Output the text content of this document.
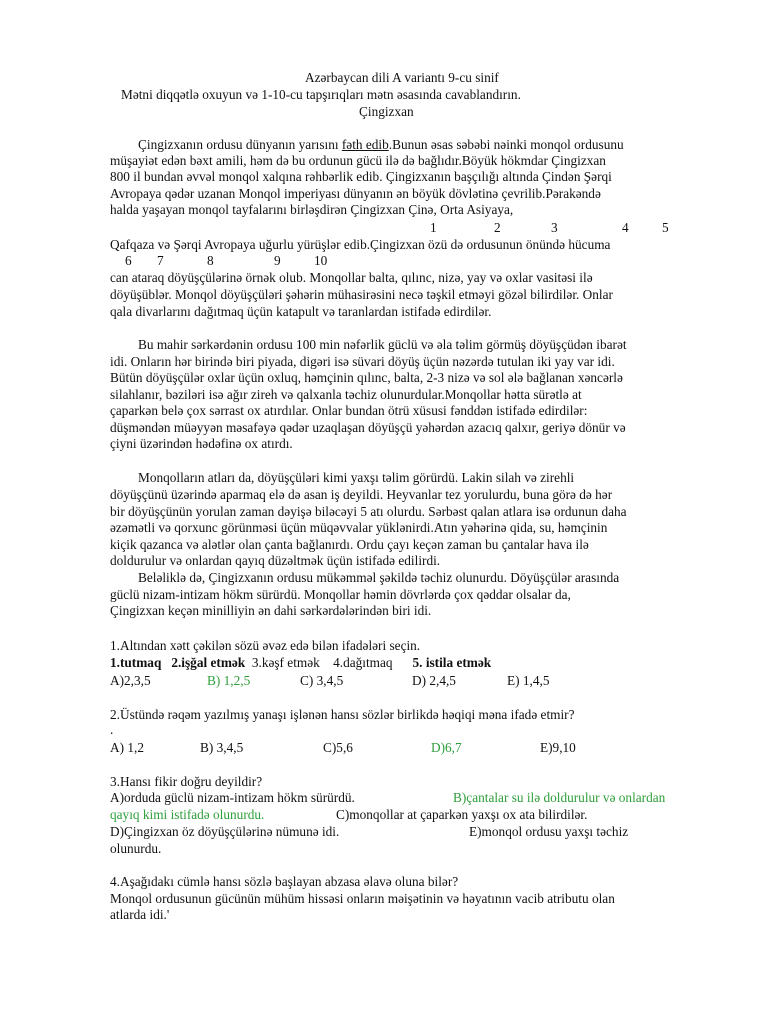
Azərbaycan dili A variantı 9-cu sinif
Mətni diqqətlə oxuyun və 1-10-cu tapşırıqları mətn əsasında cavablandırın.
Çingizxan
Çingizxanın ordusu dünyanın yarısını fəth edib.Bunun əsas səbəbi nəinki monqol ordusunu
müşayiət edən bəxt amili, həm də bu ordunun gücü ilə də bağlıdır.Böyük hökmdar Çingizxan
800 il bundan əvvəl monqol xalqına rəhbərlik edib. Çingizxanın başçılığı altında Çindən Şərqi
Avropaya qədər uzanan Monqol imperiyası dünyanın ən böyük dövlətinə çevrilib.Pərakəndə
halda yaşayan monqol tayfalarını birləşdirən Çingizxan Çinə, Orta Asiyaya,
1	2	3	4	5
Qafqaza və Şərqi Avropaya uğurlu yürüşlər edib.Çingizxan özü də ordusunun önündə hücuma
6 7	8	9	10
can ataraq döyüşçülərinə örnək olub. Monqollar balta, qılınc, nizə, yay və oxlar vasitəsi ilə
döyüşüblər. Monqol döyüşçüləri şəhərin mühasirəsini necə təşkil etməyi gözəl bilirdilər. Onlar
qala divarlarını dağıtmaq üçün katapult və taranlardan istifadə edirdilər.
Bu mahir sərkərdənin ordusu 100 min nəfərlik güclü və əla təlim görmüş döyüşçüdən ibarət
idi. Onların hər birində biri piyada, digəri isə süvari döyüş üçün nəzərdə tutulan iki yay var idi.
Bütün döyüşçülər oxlar üçün oxluq, həmçinin qılınc, balta, 2-3 nizə və sol ələ bağlanan xəncərlə
silahlanır, bəziləri isə ağır zireh və qalxanla təchiz olunurdular.Monqollar hətta sürətlə at
çaparkən belə çox sərrast ox atırdılar. Onlar bundan ötrü xüsusi fənddən istifadə edirdilər:
düşməndən müəyyən məsafəyə qədər uzaqlaşan döyüşçü yəhərdən azacıq qalxır, geriyə dönür və
çiyni üzərindən hədəfinə ox atırdı.
Monqolların atları da, döyüşçüləri kimi yaxşı təlim görürdü. Lakin silah və zirehli
döyüşçünü üzərində aparmaq elə də asan iş deyildi. Heyvanlar tez yorulurdu, buna görə də hər
bir döyüşçünün yorulan zaman dəyişə biləcəyi 5 atı olurdu. Sərbəst qalan atlara isə ordunun daha
əzəmətli və qorxunc görünməsi üçün müqəvvalar yüklənirdi.Atın yəhərinə qida, su, həmçinin
kiçik qazanca və alətlər olan çanta bağlanırdı. Ordu çayı keçən zaman bu çantalar hava ilə
doldurulur və onlardan qayıq düzəltmək üçün istifadə edilirdi.
Beləliklə də, Çingizxanın ordusu mükəmməl şəkildə təchiz olunurdu. Döyüşçülər arasında
güclü nizam-intizam hökm sürürdü. Monqollar həmin dövrlərdə çox qəddar olsalar da,
Çingizxan keçən minilliyin ən dahi sərkərdələrindən biri idi.
1.Altından xətt çəkilən sözü əvəz edə bilən ifadələri seçin.
1.tutmaq 2.işğal etmək 3.kəşf etmək 4.dağıtmaq 5. istila etmək
A)2,3,5	B) 1,2,5	C) 3,4,5	D) 2,4,5	E) 1,4,5
2.Üstündə rəqəm yazılmış yanaşı işlənən hansı sözlər birlikdə həqiqi məna ifadə etmir?
.
A) 1,2	B) 3,4,5	C)5,6	D)6,7	E)9,10
3.Hansı fikir doğru deyildir?
A)orduda güclü nizam-intizam hökm sürürdü.	B)çantalar su ilə doldurulur və onlardan
qayıq kimi istifadə olunurdu.	C)monqollar at çaparkən yaxşı ox ata bilirdilər.
D)Çingizxan öz döyüşçülərinə nümunə idi.	E)monqol ordusu yaxşı təchiz
olunurdu.
4.Aşağıdakı cümlə hansı sözlə başlayan abzasa əlavə oluna bilər?
Monqol ordusunun gücünün mühüm hissəsi onların məişətinin və həyatının vacib atributu olan
atlarda idi.'
